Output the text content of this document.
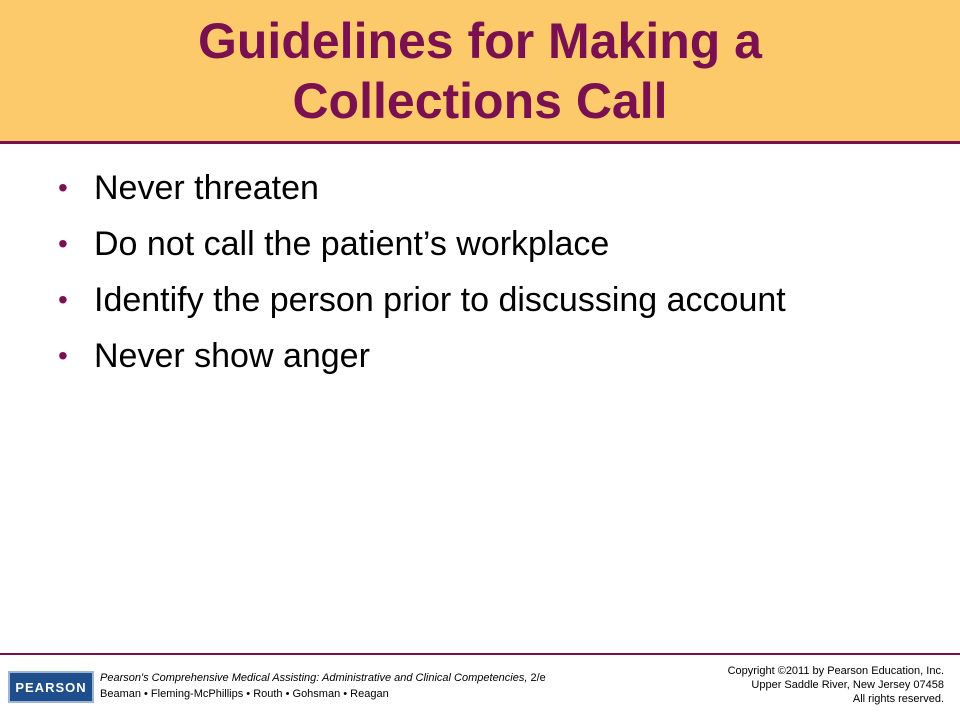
Guidelines for Making a
Collections Call
• Never threaten
• Do not call the patient’s workplace
• Identify the person prior to discussing account
• Never show anger
PEARSON
Pearson's Comprehensive Medical Assisting: Administrative and Clinical Competencies, 2/e
Beaman • Fleming-McPhillips • Routh • Gohsman • Reagan
Copyright ©2011 by Pearson Education, Inc.
Upper Saddle River, New Jersey 07458
All rights reserved.
